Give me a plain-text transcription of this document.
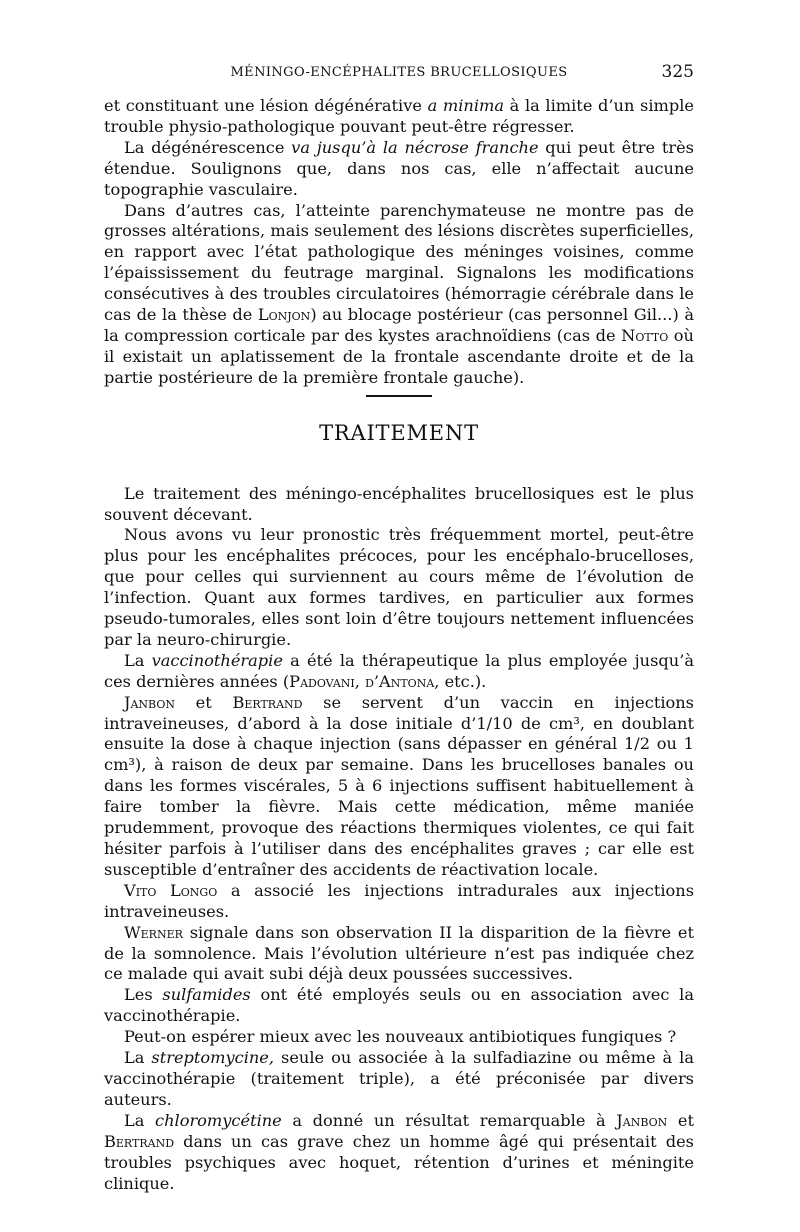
MÉNINGO-ENCÉPHALITES BRUCELLOSIQUES	325

et constituant une lésion dégénérative a minima à la limite d’un simple trouble physio-pathologique pouvant peut-être régresser.

La dégénérescence va jusqu’à la nécrose franche qui peut être très étendue. Soulignons que, dans nos cas, elle n’affectait aucune topographie vasculaire.

Dans d’autres cas, l’atteinte parenchymateuse ne montre pas de grosses altérations, mais seulement des lésions discrètes superficielles, en rapport avec l’état pathologique des méninges voisines, comme l’épaississement du feutrage marginal. Signalons les modifications consécutives à des troubles circulatoires (hémorragie cérébrale dans le cas de la thèse de Lonjon) au blocage postérieur (cas personnel Gil...) à la compression corticale par des kystes arachnoïdiens (cas de Notto où il existait un aplatissement de la frontale ascendante droite et de la partie postérieure de la première frontale gauche).

TRAITEMENT

Le traitement des méningo-encéphalites brucellosiques est le plus souvent décevant.

Nous avons vu leur pronostic très fréquemment mortel, peut-être plus pour les encéphalites précoces, pour les encéphalo-brucelloses, que pour celles qui surviennent au cours même de l’évolution de l’infection. Quant aux formes tardives, en particulier aux formes pseudo-tumorales, elles sont loin d’être toujours nettement influencées par la neuro-chirurgie.

La vaccinothérapie a été la thérapeutique la plus employée jusqu’à ces dernières années (Padovani, d’Antona, etc.).

Janbon et Bertrand se servent d’un vaccin en injections intraveineuses, d’abord à la dose initiale d’1/10 de cm³, en doublant ensuite la dose à chaque injection (sans dépasser en général 1/2 ou 1 cm³), à raison de deux par semaine. Dans les brucelloses banales ou dans les formes viscérales, 5 à 6 injections suffisent habituellement à faire tomber la fièvre. Mais cette médication, même maniée prudemment, provoque des réactions thermiques violentes, ce qui fait hésiter parfois à l’utiliser dans des encéphalites graves ; car elle est susceptible d’entraîner des accidents de réactivation locale.

Vito Longo a associé les injections intradurales aux injections intraveineuses.

Werner signale dans son observation II la disparition de la fièvre et de la somnolence. Mais l’évolution ultérieure n’est pas indiquée chez ce malade qui avait subi déjà deux poussées successives.

Les sulfamides ont été employés seuls ou en association avec la vaccinothérapie.

Peut-on espérer mieux avec les nouveaux antibiotiques fungiques ?

La streptomycine, seule ou associée à la sulfadiazine ou même à la vaccinothérapie (traitement triple), a été préconisée par divers auteurs.

La chloromycétine a donné un résultat remarquable à Janbon et Bertrand dans un cas grave chez un homme âgé qui présentait des troubles psychiques avec hoquet, rétention d’urines et méningite clinique.
